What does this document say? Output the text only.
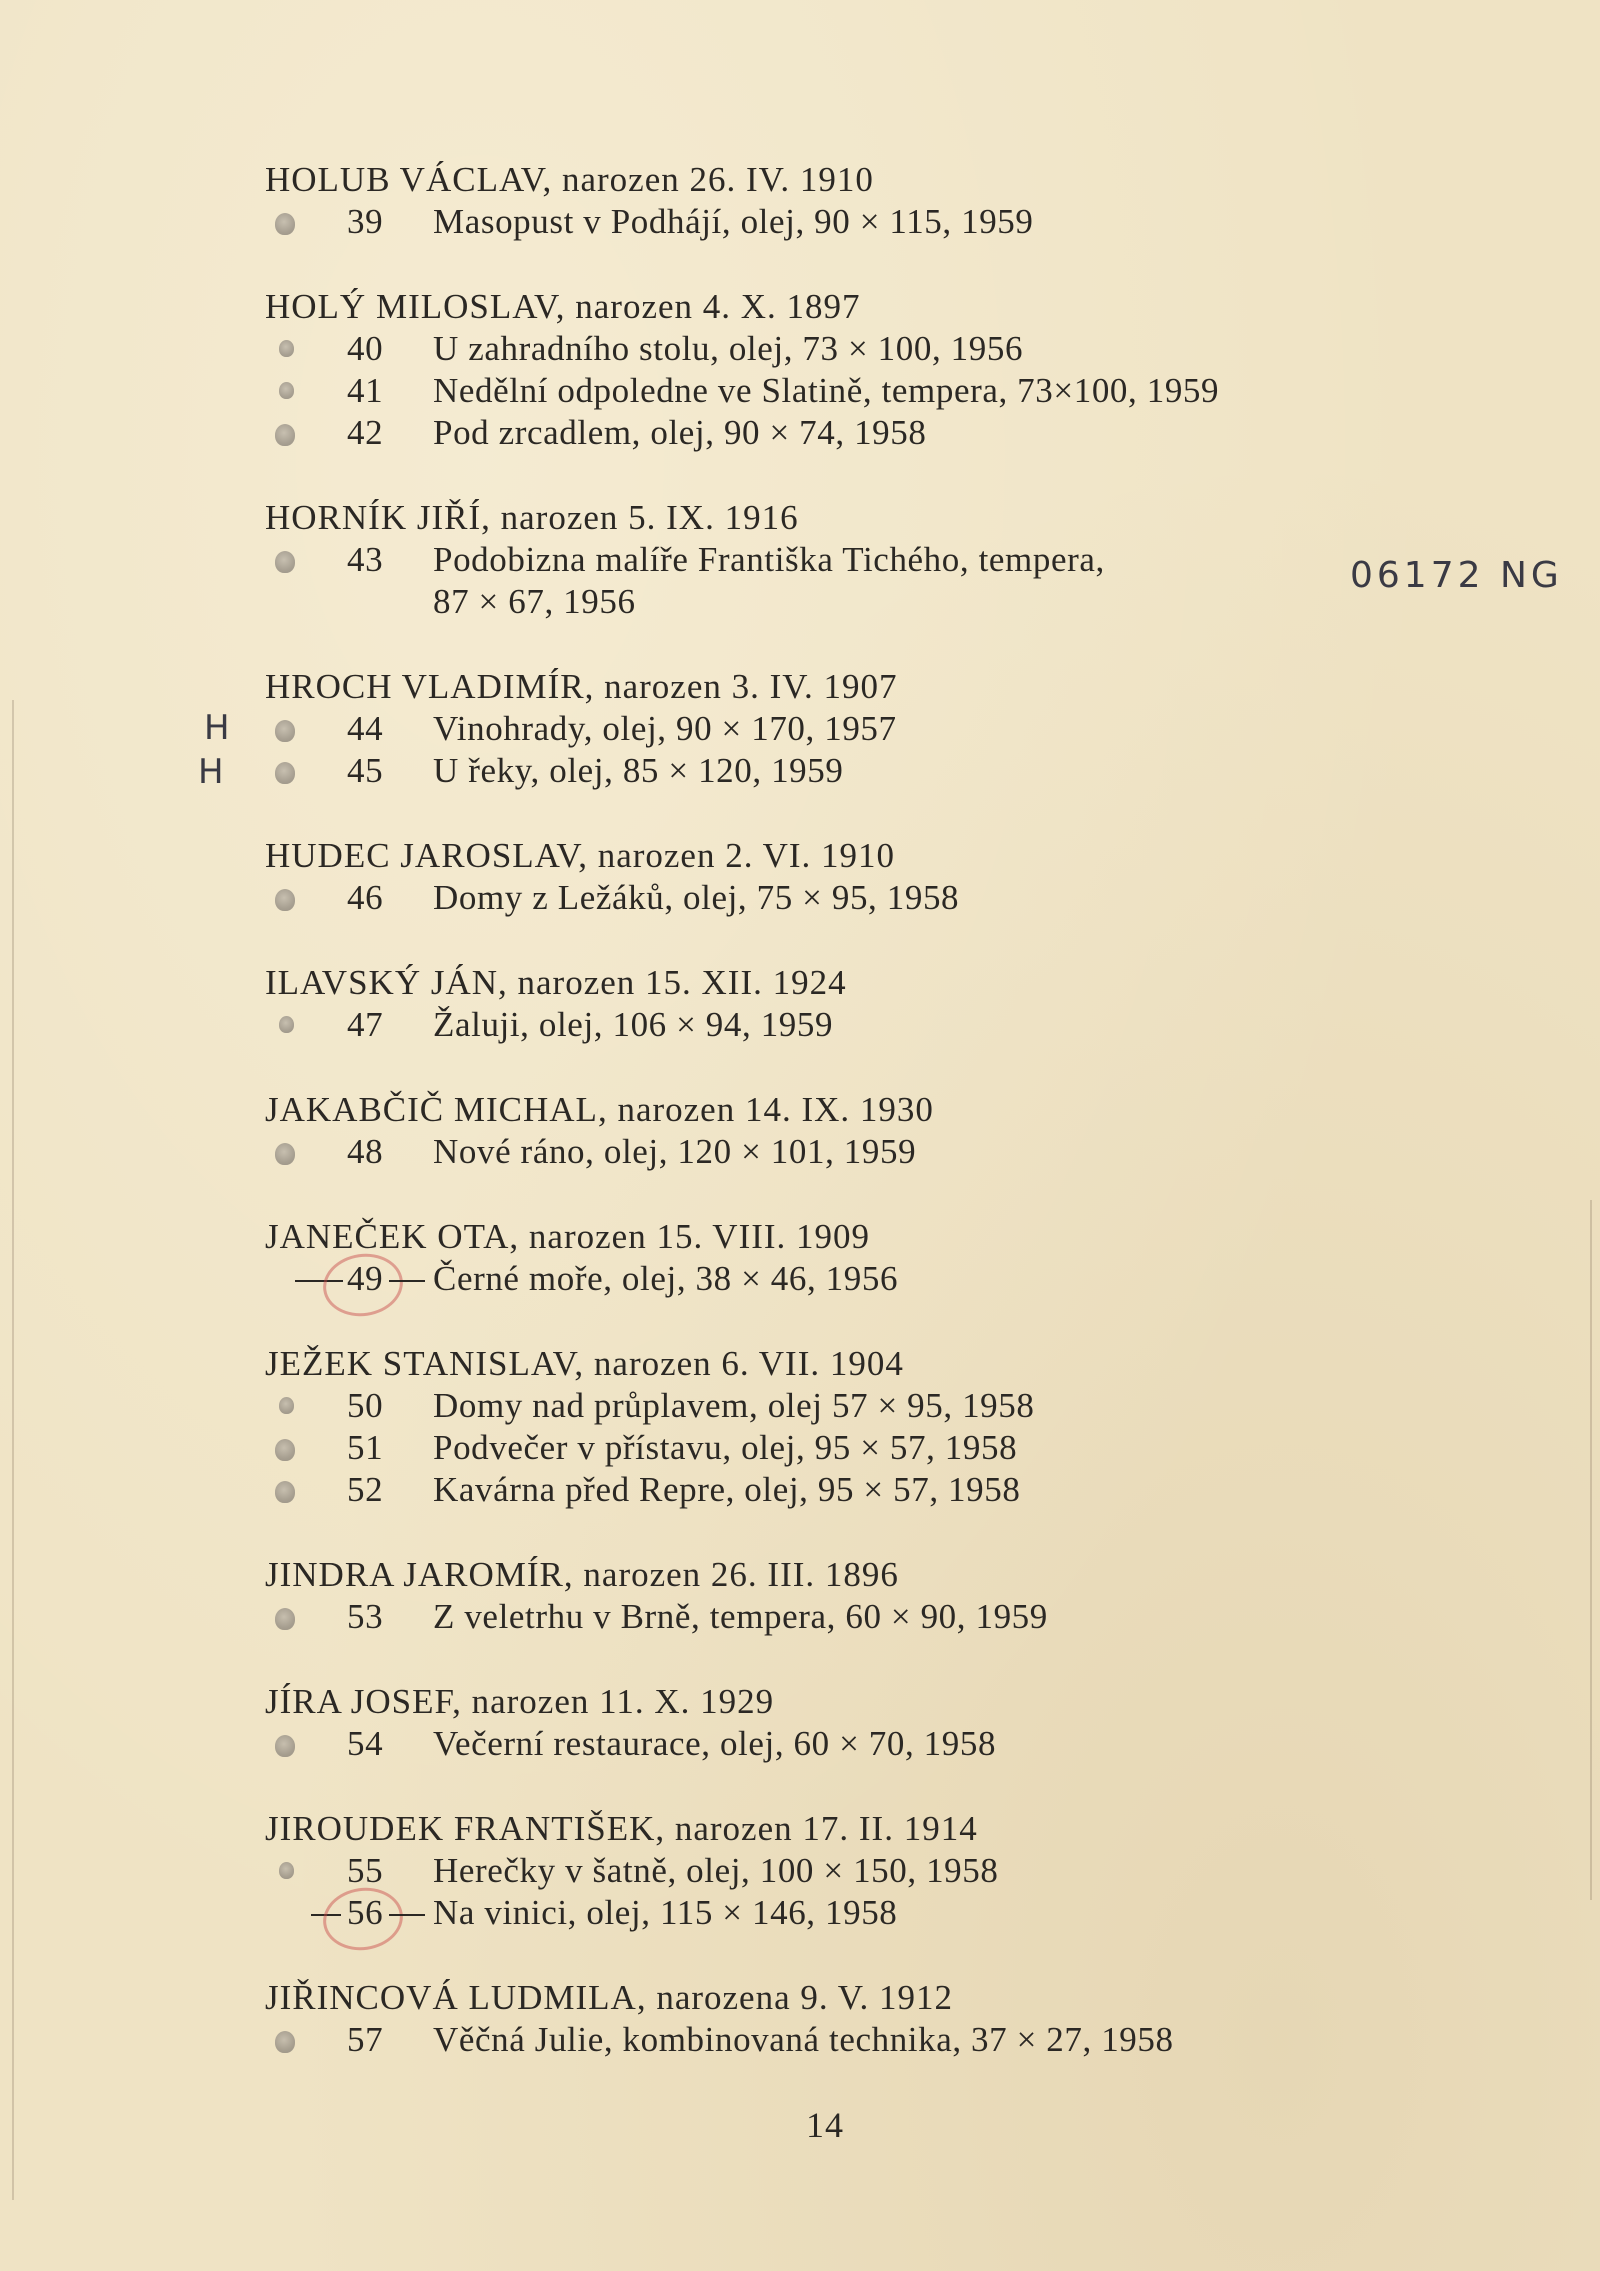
HOLUB VÁCLAV, narozen 26. IV. 1910
39 Masopust v Podhájí, olej, 90 × 115, 1959
HOLÝ MILOSLAV, narozen 4. X. 1897
40 U zahradního stolu, olej, 73 × 100, 1956
41 Nedělní odpoledne ve Slatině, tempera, 73×100, 1959
42 Pod zrcadlem, olej, 90 × 74, 1958
HORNÍK JIŘÍ, narozen 5. IX. 1916
43 Podobizna malíře Františka Tichého, tempera,
87 × 67, 1956
HROCH VLADIMÍR, narozen 3. IV. 1907
44 Vinohrady, olej, 90 × 170, 1957
45 U řeky, olej, 85 × 120, 1959
HUDEC JAROSLAV, narozen 2. VI. 1910
46 Domy z Ležáků, olej, 75 × 95, 1958
ILAVSKÝ JÁN, narozen 15. XII. 1924
47 Žaluji, olej, 106 × 94, 1959
JAKABČIČ MICHAL, narozen 14. IX. 1930
48 Nové ráno, olej, 120 × 101, 1959
JANEČEK OTA, narozen 15. VIII. 1909
49 Černé moře, olej, 38 × 46, 1956
JEŽEK STANISLAV, narozen 6. VII. 1904
50 Domy nad průplavem, olej 57 × 95, 1958
51 Podvečer v přístavu, olej, 95 × 57, 1958
52 Kavárna před Repre, olej, 95 × 57, 1958
JINDRA JAROMÍR, narozen 26. III. 1896
53 Z veletrhu v Brně, tempera, 60 × 90, 1959
JÍRA JOSEF, narozen 11. X. 1929
54 Večerní restaurace, olej, 60 × 70, 1958
JIROUDEK FRANTIŠEK, narozen 17. II. 1914
55 Herečky v šatně, olej, 100 × 150, 1958
56 Na vinici, olej, 115 × 146, 1958
JIŘINCOVÁ LUDMILA, narozena 9. V. 1912
57 Věčná Julie, kombinovaná technika, 37 × 27, 1958
06172 NG
H
H
14
